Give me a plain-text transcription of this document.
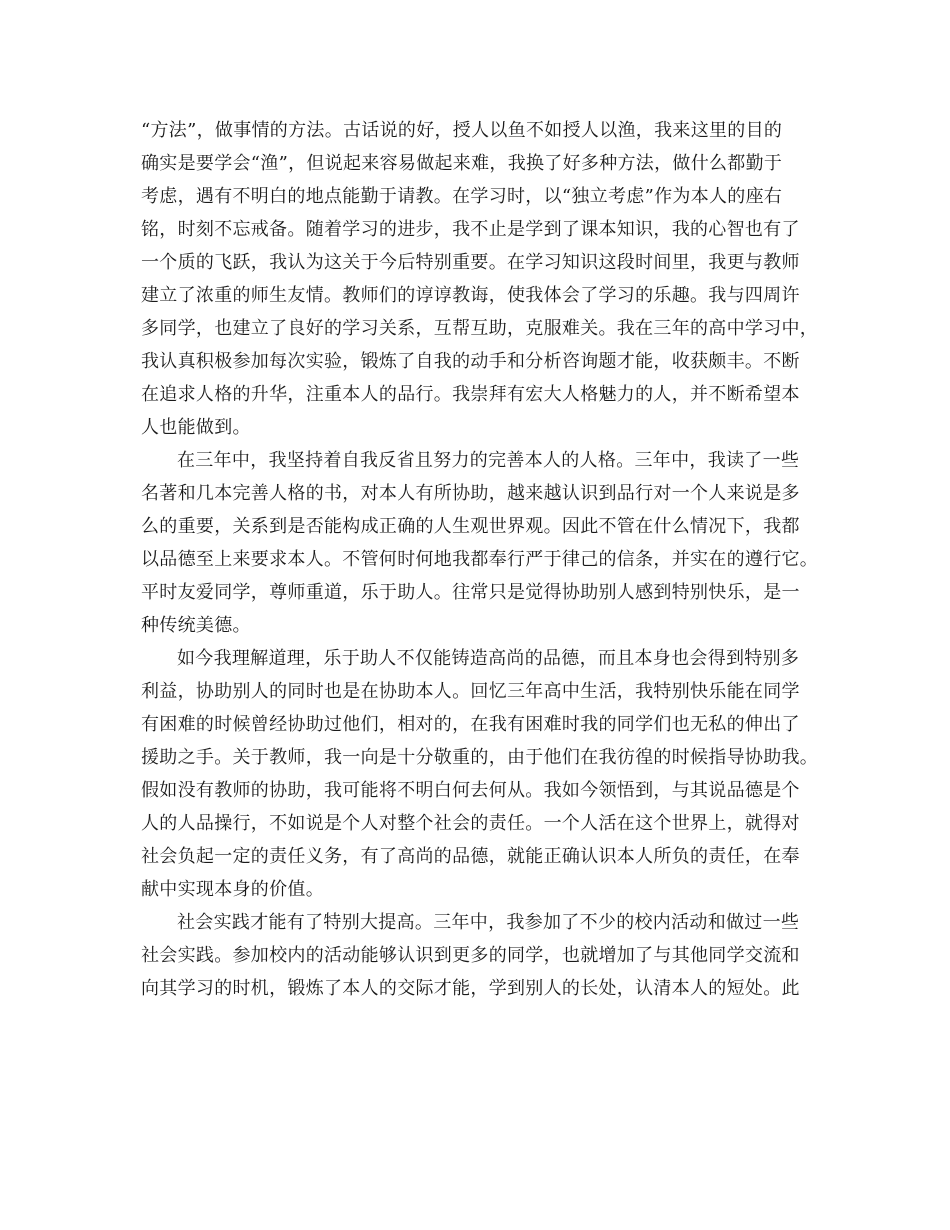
“方法”，做事情的方法。古话说的好，授人以鱼不如授人以渔，我来这里的目的
确实是要学会“渔”，但说起来容易做起来难，我换了好多种方法，做什么都勤于
考虑，遇有不明白的地点能勤于请教。在学习时，以“独立考虑”作为本人的座右
铭，时刻不忘戒备。随着学习的进步，我不止是学到了课本知识，我的心智也有了
一个质的飞跃，我认为这关于今后特别重要。在学习知识这段时间里，我更与教师
建立了浓重的师生友情。教师们的谆谆教诲，使我体会了学习的乐趣。我与四周许
多同学，也建立了良好的学习关系，互帮互助，克服难关。我在三年的高中学习中，
我认真积极参加每次实验，锻炼了自我的动手和分析咨询题才能，收获颇丰。不断
在追求人格的升华，注重本人的品行。我崇拜有宏大人格魅力的人，并不断希望本
人也能做到。
在三年中，我坚持着自我反省且努力的完善本人的人格。三年中，我读了一些
名著和几本完善人格的书，对本人有所协助，越来越认识到品行对一个人来说是多
么的重要，关系到是否能构成正确的人生观世界观。因此不管在什么情况下，我都
以品德至上来要求本人。不管何时何地我都奉行严于律己的信条，并实在的遵行它。
平时友爱同学，尊师重道，乐于助人。往常只是觉得协助别人感到特别快乐，是一
种传统美德。
如今我理解道理，乐于助人不仅能铸造高尚的品德，而且本身也会得到特别多
利益，协助别人的同时也是在协助本人。回忆三年高中生活，我特别快乐能在同学
有困难的时候曾经协助过他们，相对的，在我有困难时我的同学们也无私的伸出了
援助之手。关于教师，我一向是十分敬重的，由于他们在我彷徨的时候指导协助我。
假如没有教师的协助，我可能将不明白何去何从。我如今领悟到，与其说品德是个
人的人品操行，不如说是个人对整个社会的责任。一个人活在这个世界上，就得对
社会负起一定的责任义务，有了高尚的品德，就能正确认识本人所负的责任，在奉
献中实现本身的价值。
社会实践才能有了特别大提高。三年中，我参加了不少的校内活动和做过一些
社会实践。参加校内的活动能够认识到更多的同学，也就增加了与其他同学交流和
向其学习的时机，锻炼了本人的交际才能，学到别人的长处，认清本人的短处。此
